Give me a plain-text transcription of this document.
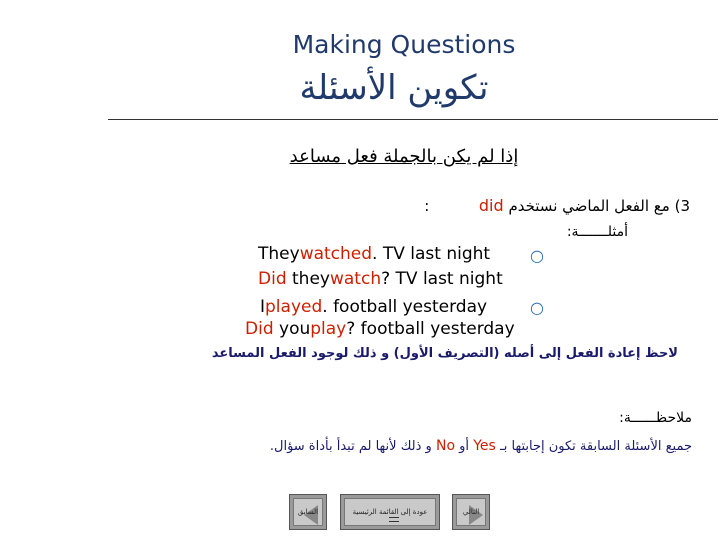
Making Questions
تكوين الأسئلة
إذا لم يكن بالجملة فعل مساعد
3) مع الفعل الماضي نستخدم did  :
أمثلـــــــة:
○
Theywatched. TV last night
Did theywatch? TV last night
○
Iplayed. football yesterday
Did youplay? football yesterday
لاحظ إعادة الفعل إلى أصله (التصريف الأول) و ذلك لوجود الفعل المساعد
ملاحظــــــة:
جميع الأسئلة السابقة تكون إجابتها بـ Yes أو No و ذلك لأنها لم تبدأ بأداة سؤال.
السابق	عودة إلى القائمة الرئيسية	التالي
